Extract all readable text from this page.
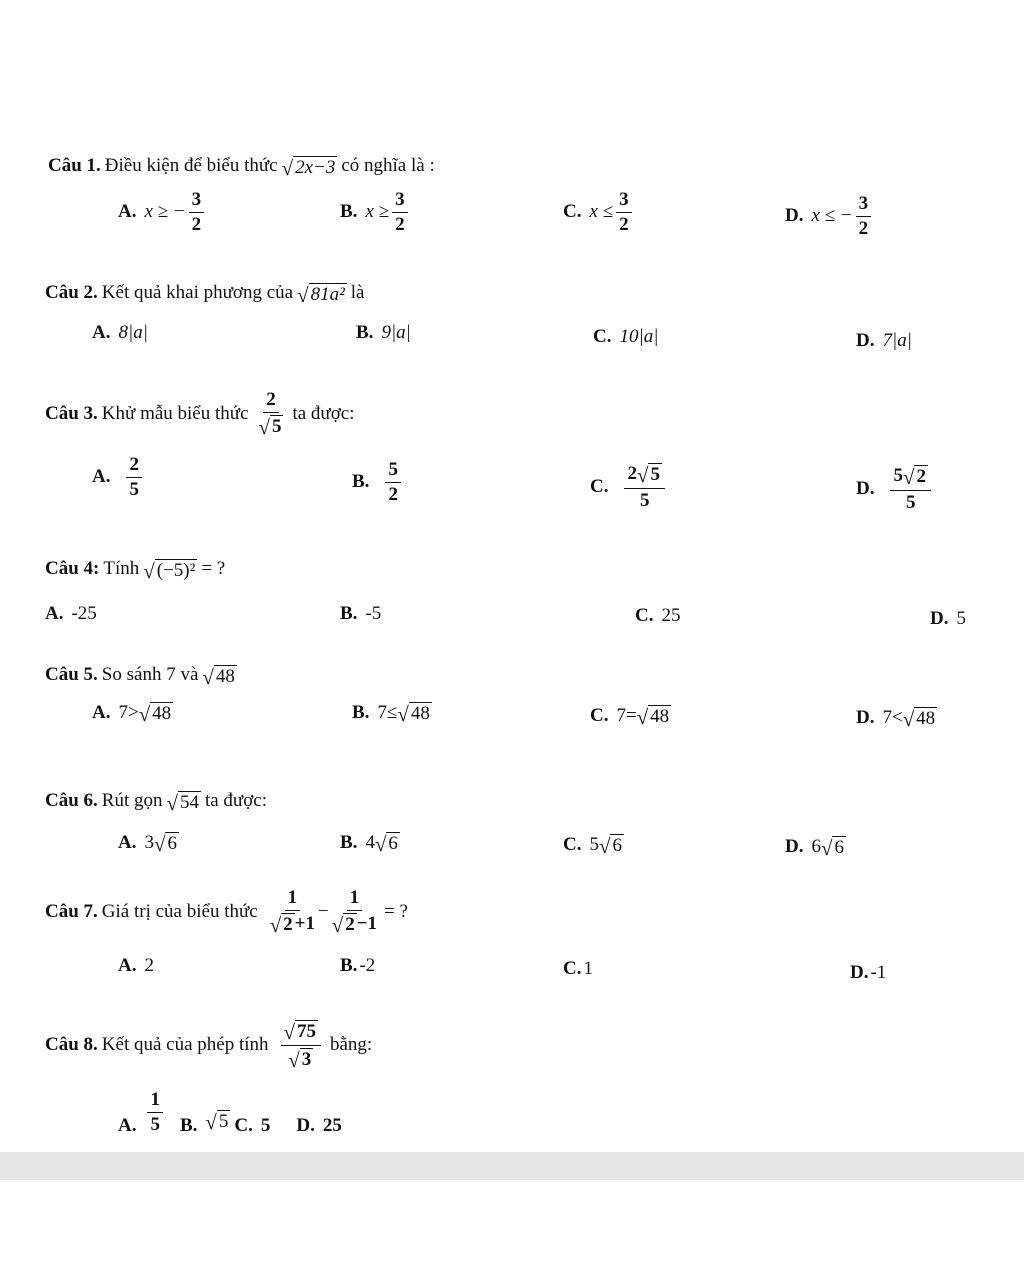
Câu 1. Điều kiện để biểu thức √ 2x−3 có nghĩa là :
A. x ≥ − $\frac{3}{2}$	B. $x \ge \frac{3}{2}$	C. $x \le \frac{3}{2}$	D. x ≤ − $\frac{3}{2}$
Câu 2. Kết quả khai phương của √ 81a² là
A. 8|a|	B. 9|a|	C. 10|a|	D. 7|a|
Câu 3.
Khử mẫu biểu thức $\frac{2}{√ 5}$ ta được:
A. $\frac{2}{5}$	B. $\frac{5}{2}$	C. $\frac{2 √ 5}{5}$	D. $\frac{5 √ 2}{5}$
Câu 4: Tính √ (−5)² = ?
A. -25	B. -5	C. 25	D. 5
Câu 5. So sánh 7 và √ 48
A. 7> √ 48	B. 7≤ √ 48	C. 7= √ 48	D. 7< √ 48
Câu 6. Rút gọn √ 54 ta được:
A. 3 √ 6	B. 4 √ 6	C. 5 √ 6	D. 6 √ 6
Câu 7.
Giá trị của biểu thức $\frac{1}{√ 2 +1} - \frac{1}{√ 2 -1}$ = ?
A. 2	B. -2	C. 1	D. -1
Câu 8.
Kết quả của phép tính $\frac{√ 75}{√ 3}$ bằng:
A. $\frac{1}{5} B$. √ 5 C. 5 D. 25
